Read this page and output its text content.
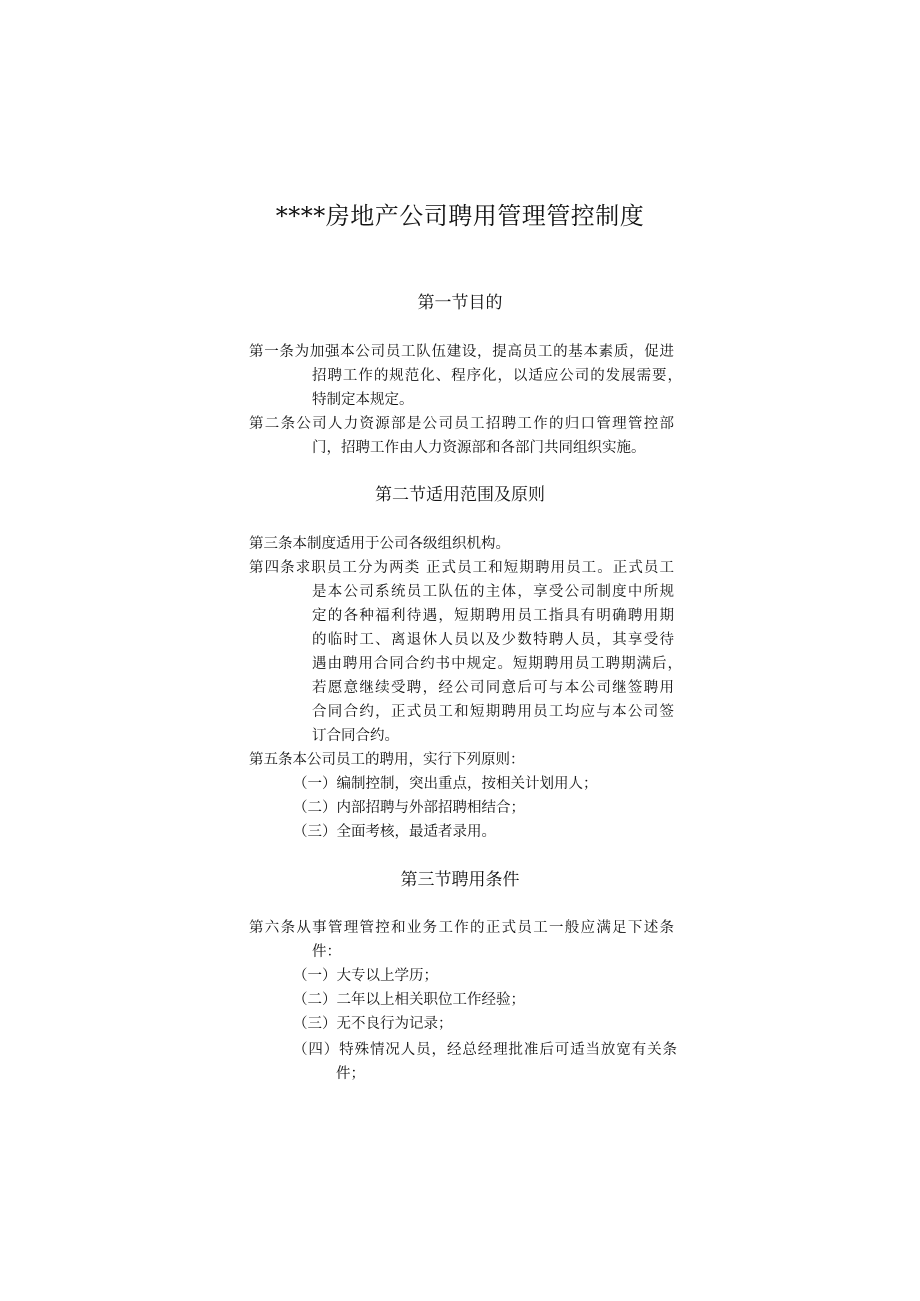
****房地产公司聘用管理管控制度
第一节目的
第一条为加强本公司员工队伍建设，提高员工的基本素质，促进
招聘工作的规范化、程序化，以适应公司的发展需要，
特制定本规定。
第二条公司人力资源部是公司员工招聘工作的归口管理管控部
门，招聘工作由人力资源部和各部门共同组织实施。
第二节适用范围及原则
第三条本制度适用于公司各级组织机构。
第四条求职员工分为两类 正式员工和短期聘用员工。正式员工
是本公司系统员工队伍的主体，享受公司制度中所规
定的各种福利待遇，短期聘用员工指具有明确聘用期
的临时工、离退休人员以及少数特聘人员，其享受待
遇由聘用合同合约书中规定。短期聘用员工聘期满后，
若愿意继续受聘，经公司同意后可与本公司继签聘用
合同合约，正式员工和短期聘用员工均应与本公司签
订合同合约。
第五条本公司员工的聘用，实行下列原则：
（一）编制控制，突出重点，按相关计划用人；
（二）内部招聘与外部招聘相结合；
（三）全面考核，最适者录用。
第三节聘用条件
第六条从事管理管控和业务工作的正式员工一般应满足下述条
件：
（一）大专以上学历；
（二）二年以上相关职位工作经验；
（三）无不良行为记录；
（四）特殊情况人员，经总经理批准后可适当放宽有关条
件；
